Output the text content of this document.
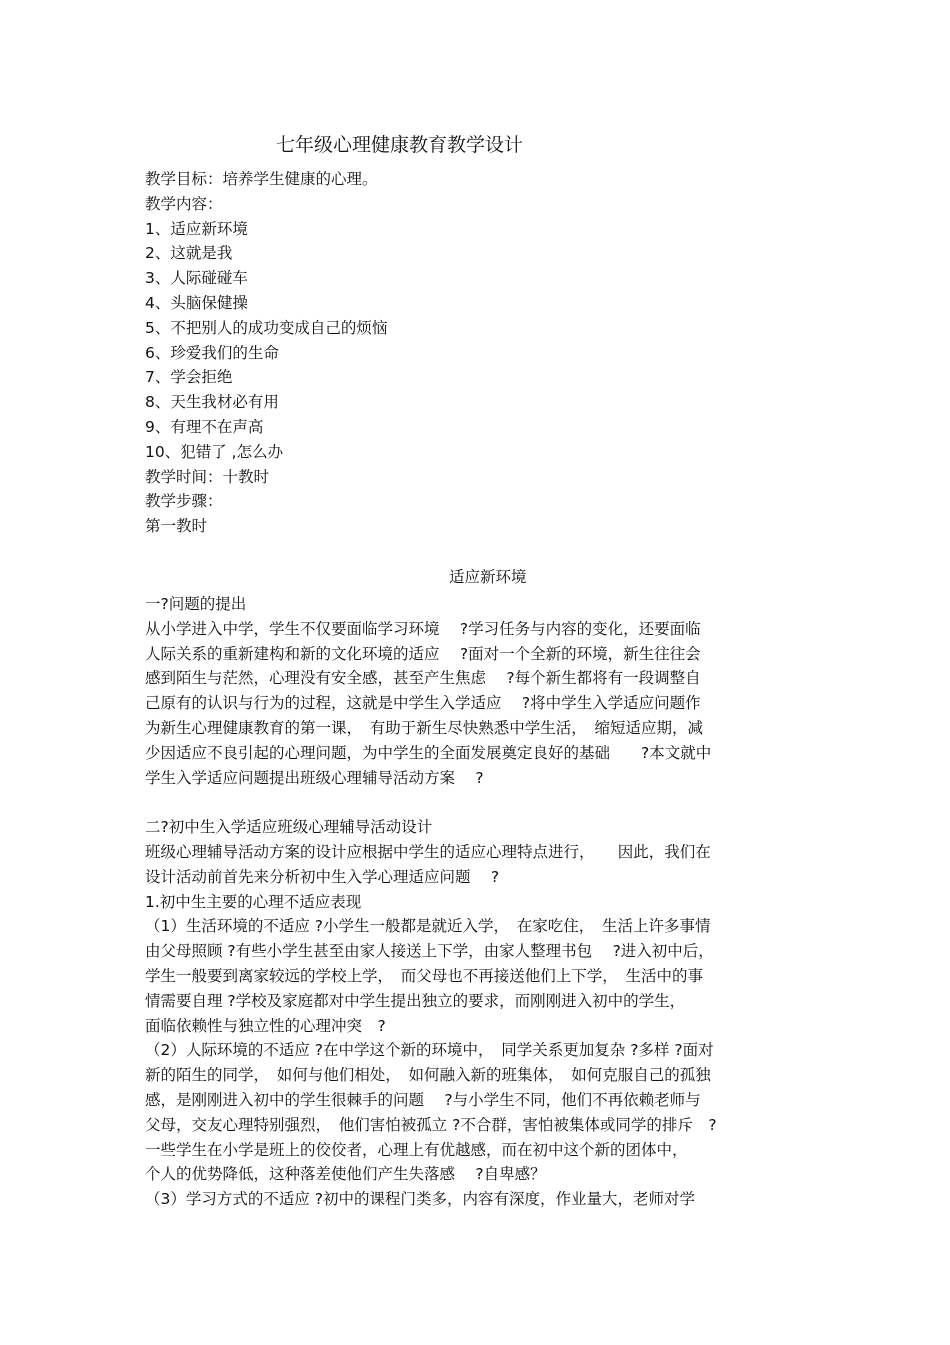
七年级心理健康教育教学设计
教学目标：培养学生健康的心理。
教学内容：
1、适应新环境
2、这就是我
3、人际碰碰车
4、头脑保健操
5、不把别人的成功变成自己的烦恼
6、珍爱我们的生命
7、学会拒绝
8、天生我材必有用
9、有理不在声高
10、犯错了 ,怎么办
教学时间：十教时
教学步骤：
第一教时
适应新环境
一?问题的提出
从小学进入中学，学生不仅要面临学习环境　 ?学习任务与内容的变化，还要面临
人际关系的重新建构和新的文化环境的适应　 ?面对一个全新的环境，新生往往会
感到陌生与茫然，心理没有安全感，甚至产生焦虑　 ?每个新生都将有一段调整自
己原有的认识与行为的过程，这就是中学生入学适应　 ?将中学生入学适应问题作
为新生心理健康教育的第一课，　有助于新生尽快熟悉中学生活，　缩短适应期，减
少因适应不良引起的心理问题，为中学生的全面发展奠定良好的基础　　?本文就中
学生入学适应问题提出班级心理辅导活动方案　 ?
二?初中生入学适应班级心理辅导活动设计
班级心理辅导活动方案的设计应根据中学生的适应心理特点进行，　　因此，我们在
设计活动前首先来分析初中生入学心理适应问题　 ?
1.初中生主要的心理不适应表现
（1）生活环境的不适应 ?小学生一般都是就近入学，　在家吃住，　生活上许多事情
由父母照顾 ?有些小学生甚至由家人接送上下学，由家人整理书包　 ?进入初中后，
学生一般要到离家较远的学校上学，　而父母也不再接送他们上下学，　生活中的事
情需要自理 ?学校及家庭都对中学生提出独立的要求，而刚刚进入初中的学生，
面临依赖性与独立性的心理冲突　?
（2）人际环境的不适应 ?在中学这个新的环境中，　同学关系更加复杂 ?多样 ?面对
新的陌生的同学，　如何与他们相处，　如何融入新的班集体，　如何克服自己的孤独
感，是刚刚进入初中的学生很棘手的问题　 ?与小学生不同，他们不再依赖老师与
父母，交友心理特别强烈，　他们害怕被孤立 ?不合群，害怕被集体或同学的排斥　?
一些学生在小学是班上的佼佼者，心理上有优越感，而在初中这个新的团体中，
个人的优势降低，这种落差使他们产生失落感　 ?自卑感？
（3）学习方式的不适应 ?初中的课程门类多，内容有深度，作业量大，老师对学
